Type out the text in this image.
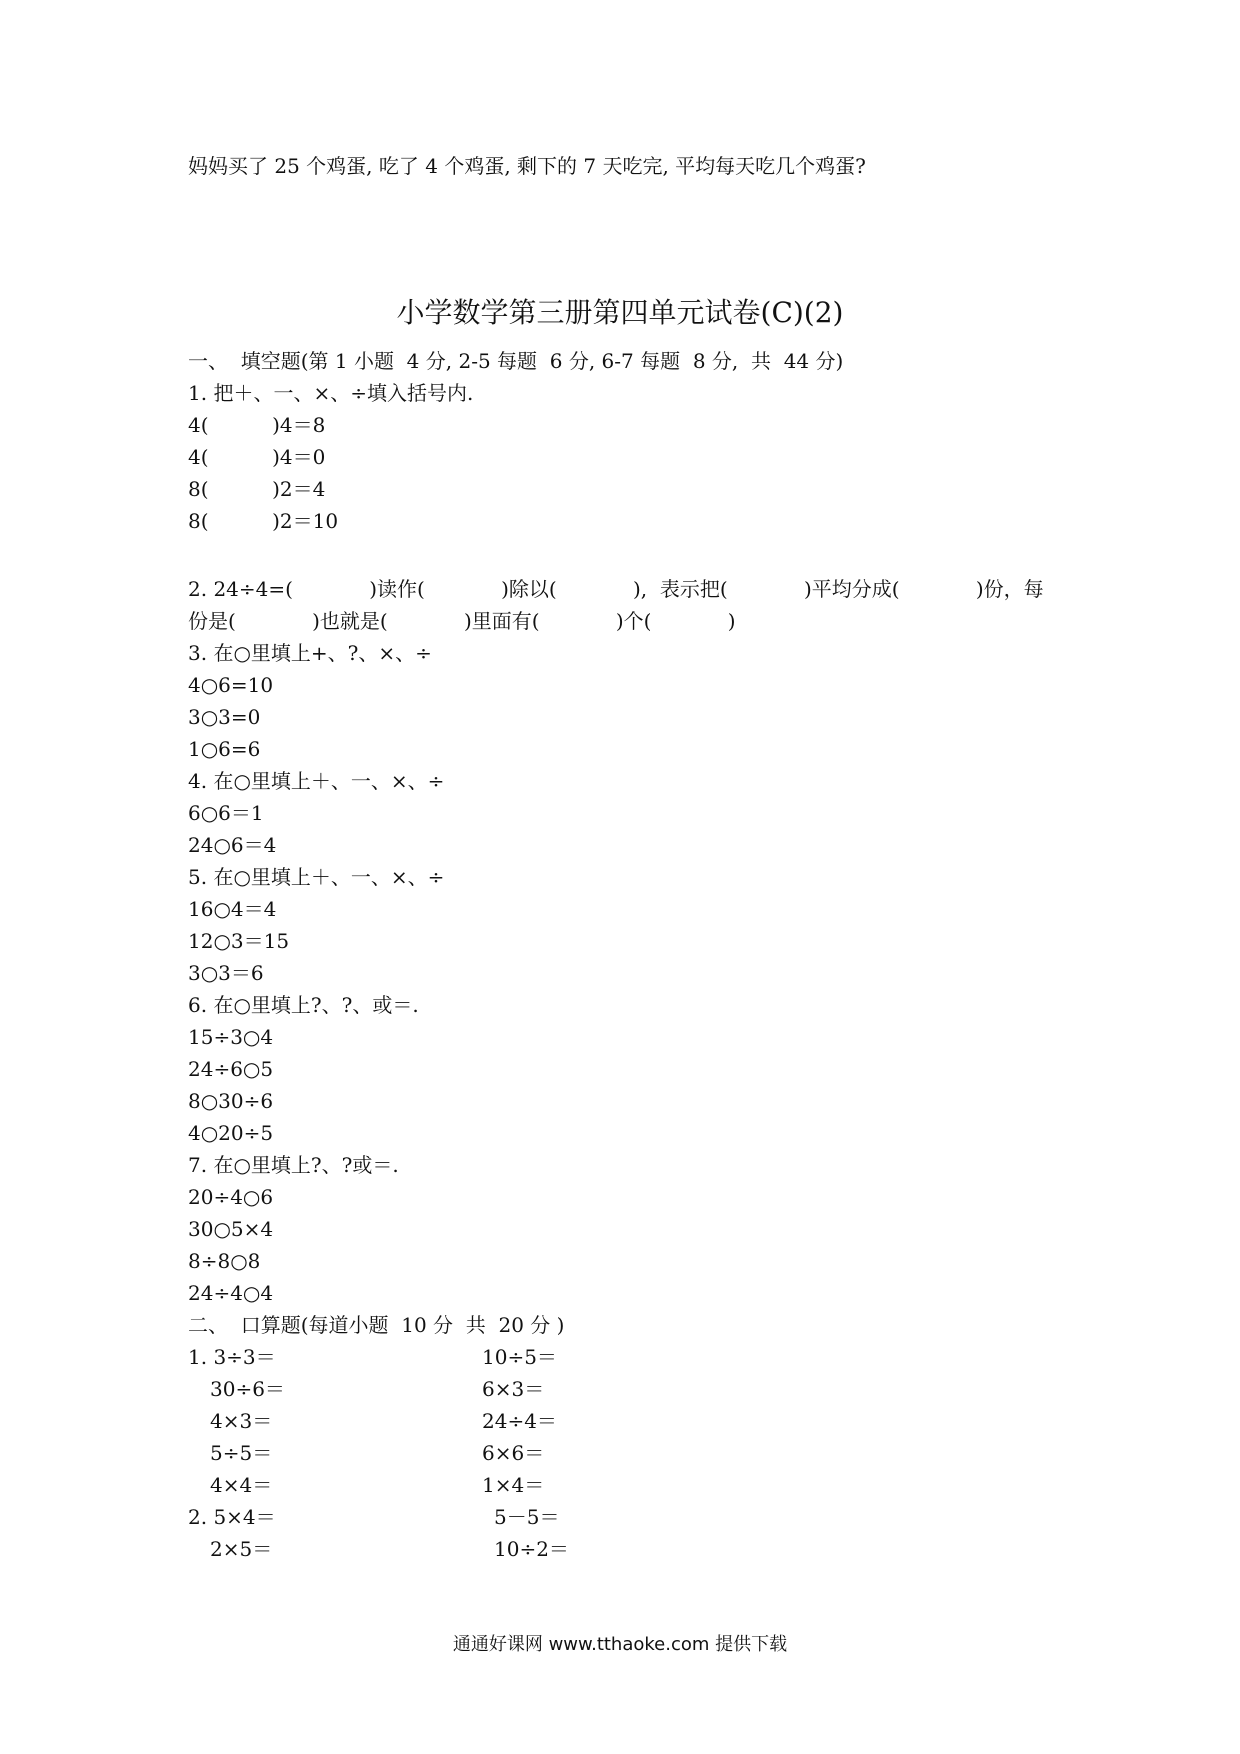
妈妈买了 25 个鸡蛋, 吃了 4 个鸡蛋, 剩下的 7 天吃完, 平均每天吃几个鸡蛋?
小学数学第三册第四单元试卷(C)(2)
一、  填空题(第 1 小题  4 分, 2-5 每题  6 分, 6-7 每题  8 分,  共  44 分)
1. 把＋、一、×、÷填入括号内.
4(          )4＝8
4(          )4＝0
8(          )2＝4
8(          )2＝10
2. 24÷4=(            )读作(            )除以(            ),  表示把(            )平均分成(            )份，每
份是(            )也就是(            )里面有(            )个(            )
3. 在○里填上+、?、×、÷
4○6=10
3○3=0
1○6=6
4. 在○里填上＋、一、×、÷
6○6＝1
24○6＝4
5. 在○里填上＋、一、×、÷
16○4＝4
12○3＝15
3○3＝6
6. 在○里填上?、?、或＝.
15÷3○4
24÷6○5
8○30÷6
4○20÷5
7. 在○里填上?、?或＝.
20÷4○6
30○5×4
8÷8○8
24÷4○4
二、  口算题(每道小题  10 分  共  20 分 )
1. 3÷3＝
30÷6＝
4×3＝
5÷5＝
4×4＝
10÷5＝
6×3＝
24÷4＝
6×6＝
1×4＝
2. 5×4＝
2×5＝
5－5＝
10÷2＝
通通好课网 www.tthaoke.com 提供下载
